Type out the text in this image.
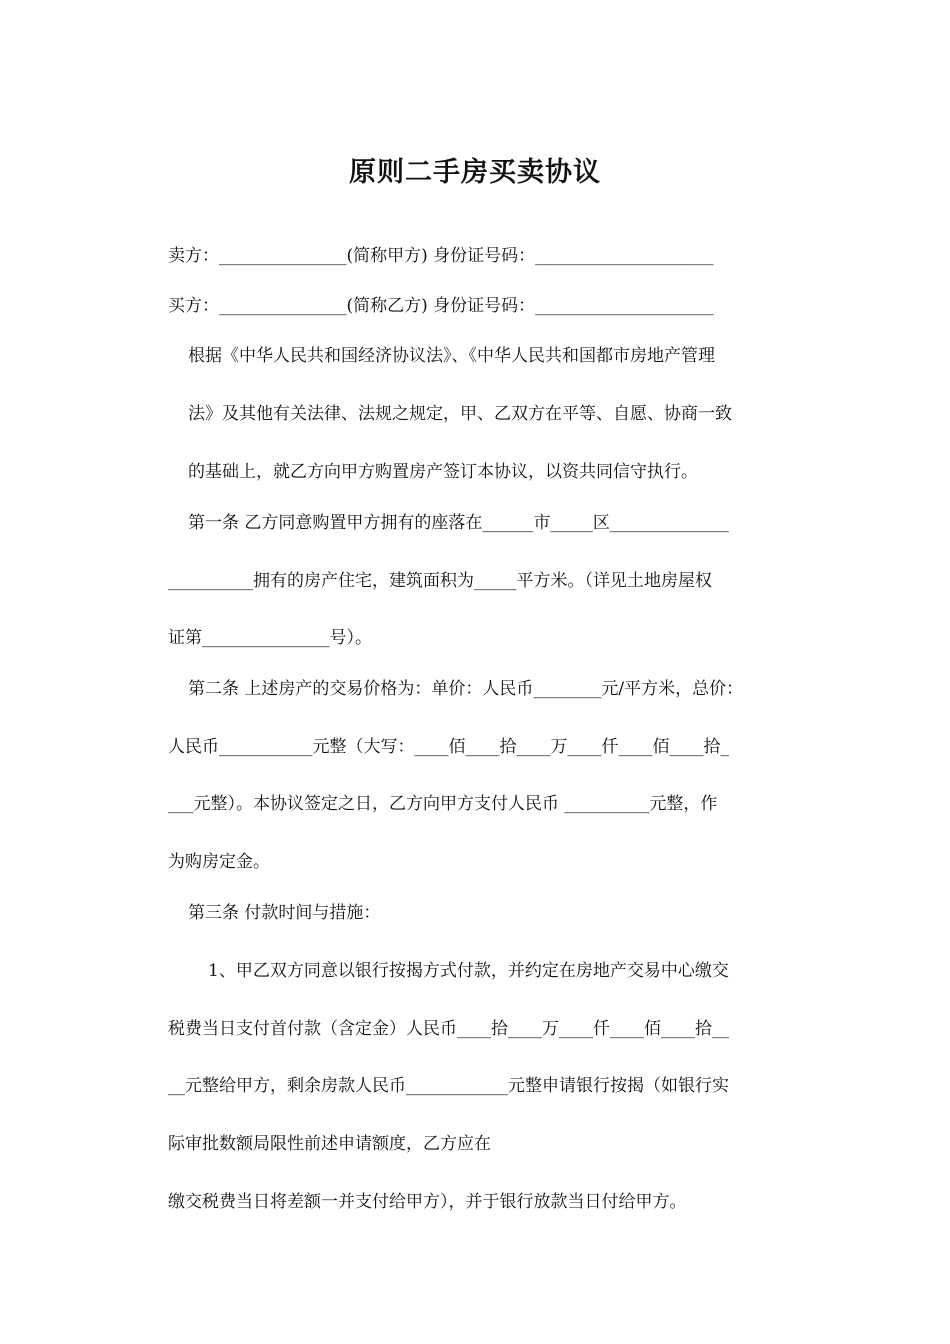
原则二手房买卖协议

卖方：_______________(简称甲方) 身份证号码：_____________________

买方：_______________(简称乙方) 身份证号码：_____________________

根据《中华人民共和国经济协议法》、《中华人民共和国都市房地产管理

法》及其他有关法律、法规之规定，甲、乙双方在平等、自愿、协商一致

的基础上，就乙方向甲方购置房产签订本协议，以资共同信守执行。

第一条 乙方同意购置甲方拥有的座落在______市_____区______________

__________拥有的房产住宅，建筑面积为_____平方米。（详见土地房屋权

证第_______________号）。

第二条 上述房产的交易价格为：单价：人民币________元/平方米，总价：

人民币___________元整（大写：____佰____拾____万____仟____佰____拾_

___元整）。本协议签定之日，乙方向甲方支付人民币 __________元整，作

为购房定金。

第三条 付款时间与措施：

1、甲乙双方同意以银行按揭方式付款，并约定在房地产交易中心缴交

税费当日支付首付款（含定金）人民币____拾____万____仟____佰____拾__

__元整给甲方，剩余房款人民币____________元整申请银行按揭（如银行实

际审批数额局限性前述申请额度，乙方应在

缴交税费当日将差额一并支付给甲方），并于银行放款当日付给甲方。
